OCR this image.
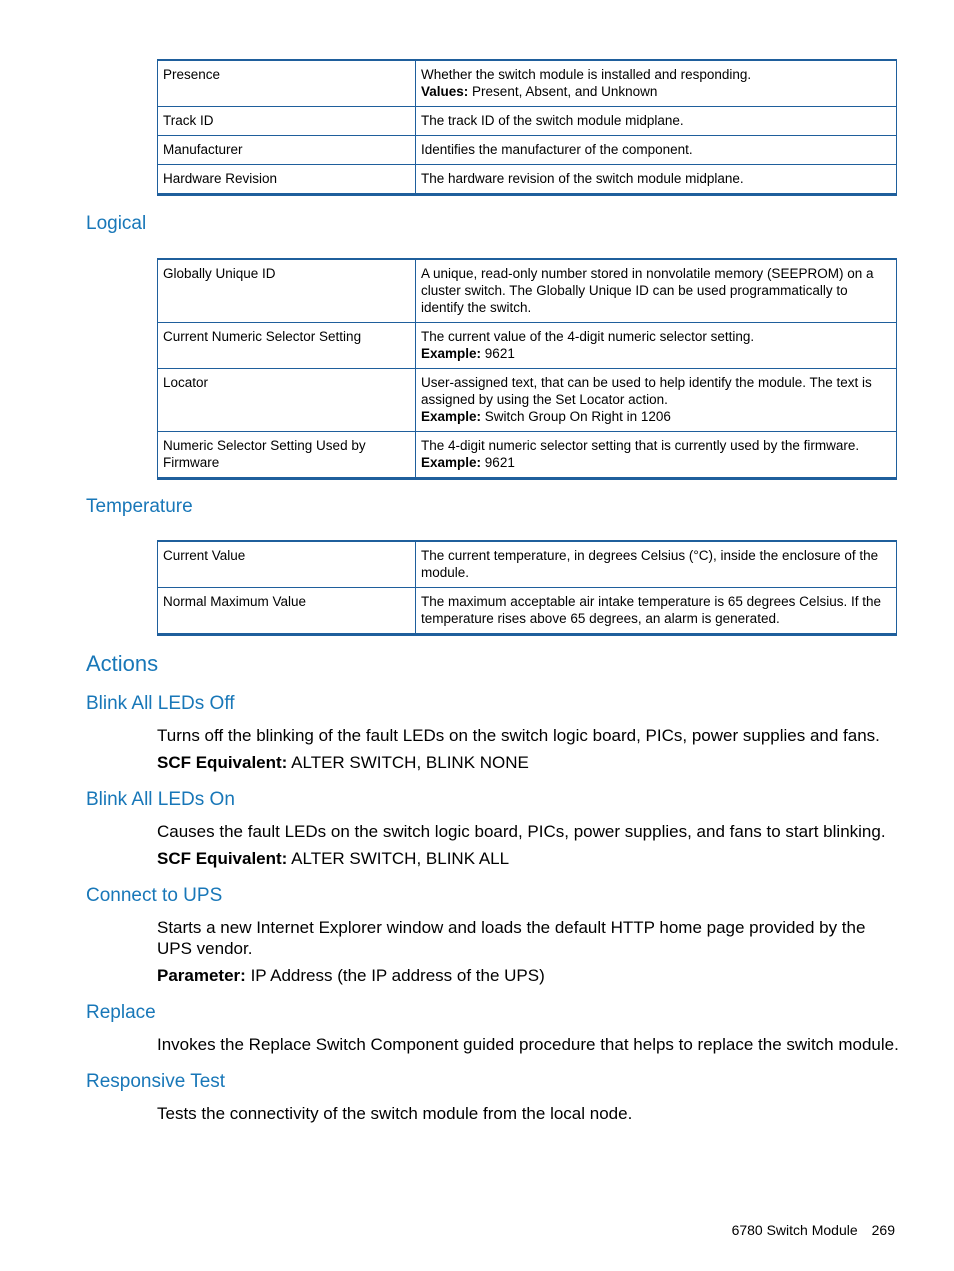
Presence	Whether the switch module is installed and responding.
Values: Present, Absent, and Unknown

Track ID	The track ID of the switch module midplane.
Manufacturer	Identifies the manufacturer of the component.
Hardware Revision	The hardware revision of the switch module midplane.
Logical
Globally Unique ID	A unique, read-only number stored in nonvolatile memory (SEEPROM) on a cluster switch. The Globally Unique ID can be used programmatically to identify the switch.
Current Numeric Selector Setting	The current value of the 4-digit numeric selector setting.
Example: 9621

Locator	User-assigned text, that can be used to help identify the module. The text is assigned by using the Set Locator action.
Example: Switch Group On Right in 1206

Numeric Selector Setting Used by Firmware	The 4-digit numeric selector setting that is currently used by the firmware.
Example: 9621
Temperature
Current Value	The current temperature, in degrees Celsius (°C), inside the enclosure of the module.
Normal Maximum Value	The maximum acceptable air intake temperature is 65 degrees Celsius. If the temperature rises above 65 degrees, an alarm is generated.
Actions
Blink All LEDs Off

Turns off the blinking of the fault LEDs on the switch logic board, PICs, power supplies and fans.

SCF Equivalent: ALTER SWITCH, BLINK NONE

Blink All LEDs On

Causes the fault LEDs on the switch logic board, PICs, power supplies, and fans to start blinking.

SCF Equivalent: ALTER SWITCH, BLINK ALL

Connect to UPS

Starts a new Internet Explorer window and loads the default HTTP home page provided by the UPS vendor.

Parameter: IP Address (the IP address of the UPS)

Replace

Invokes the Replace Switch Component guided procedure that helps to replace the switch module.

Responsive Test

Tests the connectivity of the switch module from the local node.

6780 Switch Module 269
